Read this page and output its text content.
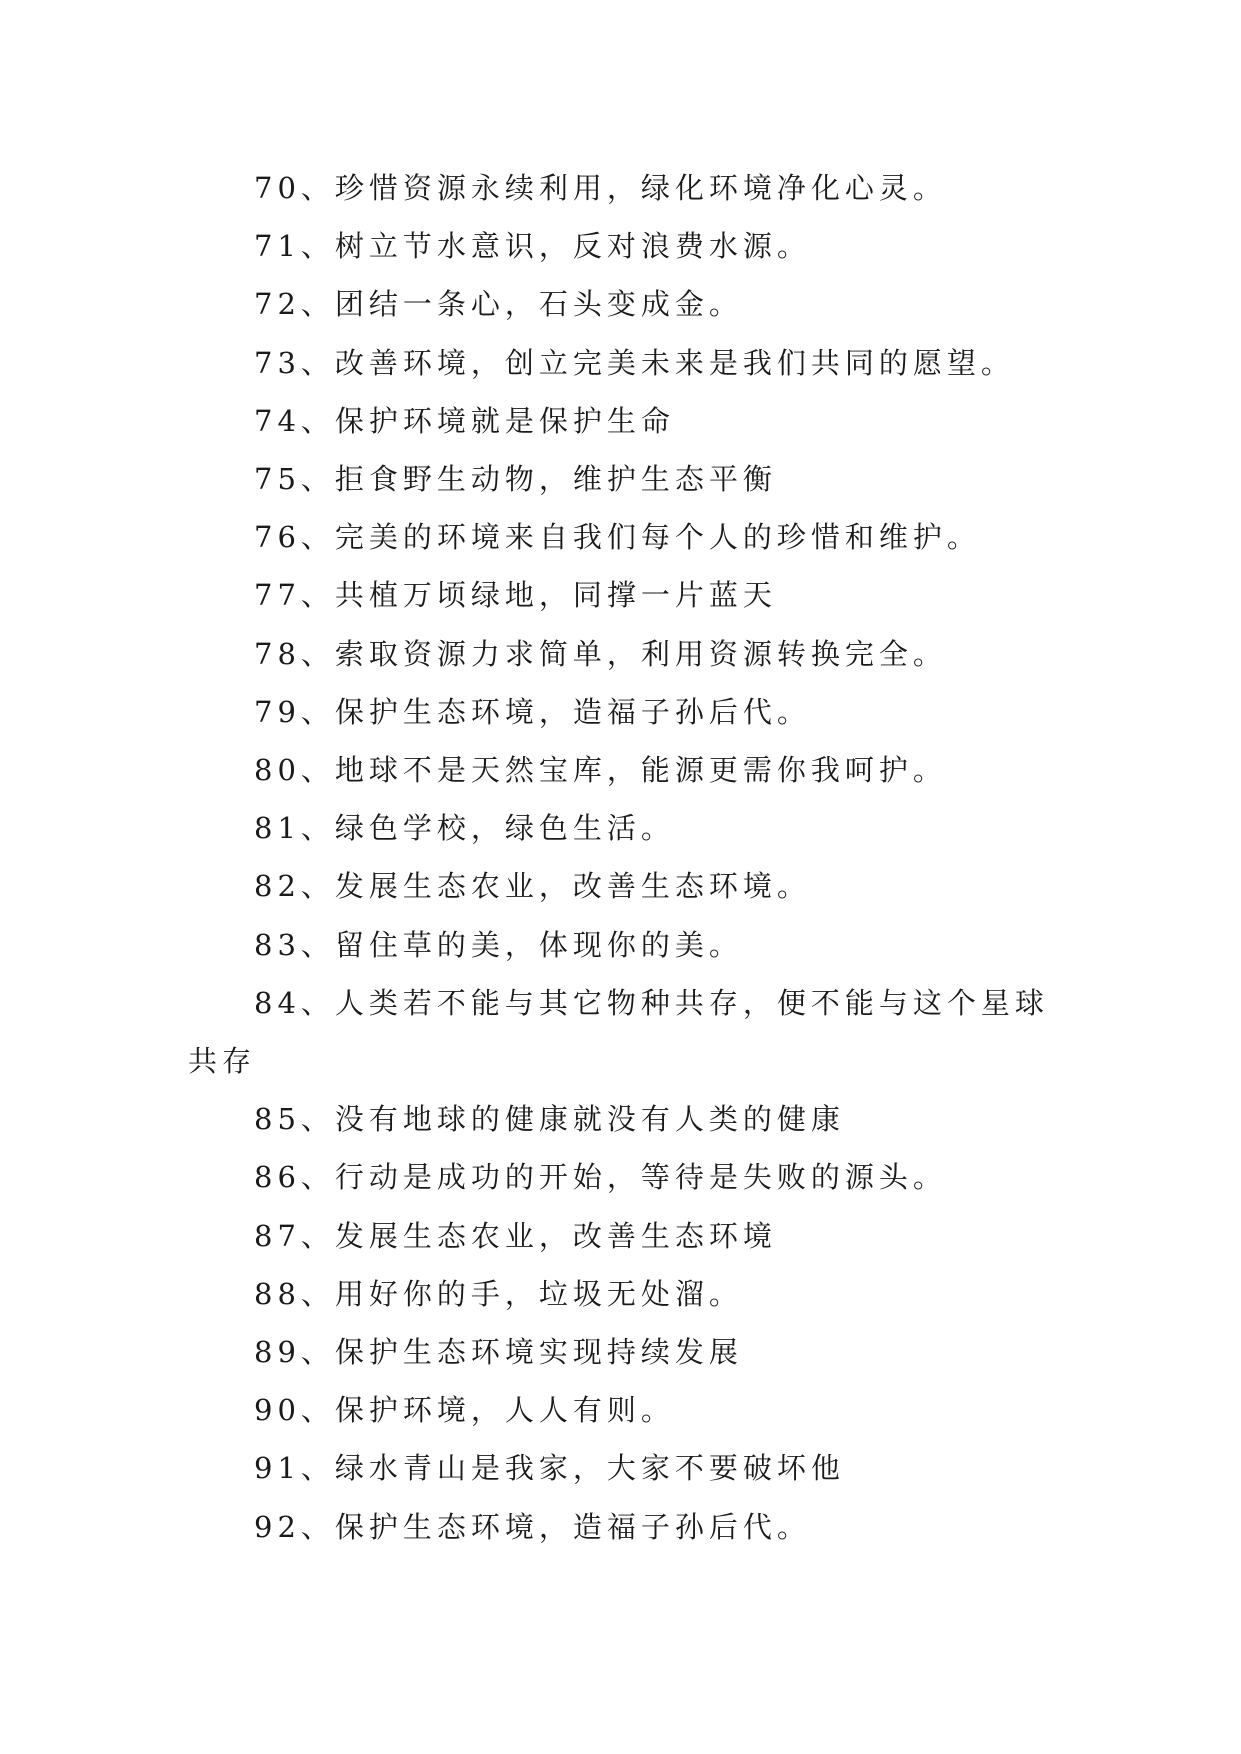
70、珍惜资源永续利用，绿化环境净化心灵。

71、树立节水意识，反对浪费水源。

72、团结一条心，石头变成金。

73、改善环境，创立完美未来是我们共同的愿望。

74、保护环境就是保护生命

75、拒食野生动物，维护生态平衡

76、完美的环境来自我们每个人的珍惜和维护。

77、共植万顷绿地，同撑一片蓝天

78、索取资源力求简单，利用资源转换完全。

79、保护生态环境，造福子孙后代。

80、地球不是天然宝库，能源更需你我呵护。

81、绿色学校，绿色生活。

82、发展生态农业，改善生态环境。

83、留住草的美，体现你的美。

84、人类若不能与其它物种共存，便不能与这个星球共存

85、没有地球的健康就没有人类的健康

86、行动是成功的开始，等待是失败的源头。

87、发展生态农业，改善生态环境

88、用好你的手，垃圾无处溜。

89、保护生态环境实现持续发展

90、保护环境，人人有则。

91、绿水青山是我家，大家不要破坏他

92、保护生态环境，造福子孙后代。
